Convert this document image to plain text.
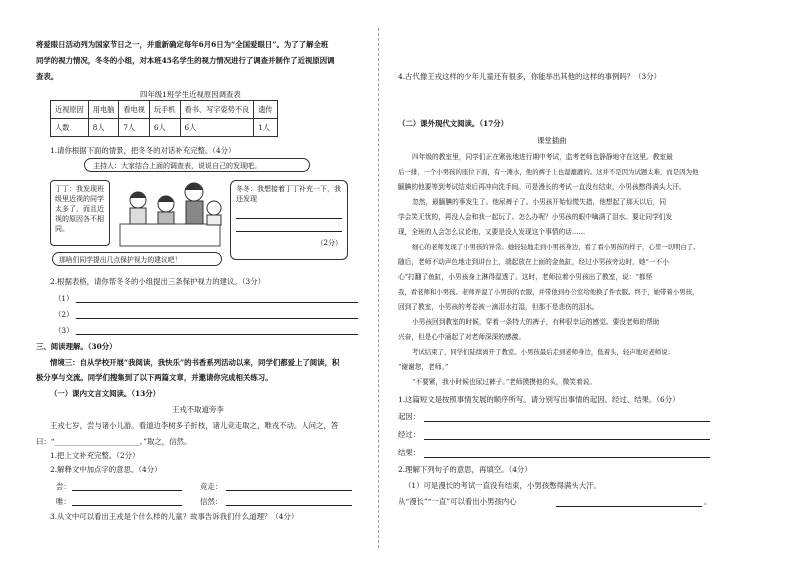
将爱眼日活动列为国家节日之一，并重新确定每年6月6日为“全国爱眼日”。为了了解全班
同学的视力情况，冬冬的小组，对本班45名学生的视力情况进行了调查并制作了近视原因调
查表。
四年级1班学生近视原因调查表
近视原因	用电脑	看电视	玩手机	看书、写字姿势不良	遗传
人数	8人	7人	6人	6人	1人
1.请你根据下面的情景，把冬冬的对话补充完整。（4分）
主持人：大家结合上面的调查表，说说自己的发现吧。
丁丁：我发现班级里近视的同学太多了，而且近视的原因各不相同。
冬冬：我想接着丁丁补充一下，我还发现
（2分）
那啥们同学提出几点保护视力的建议吧！
2.根据表格，请你帮冬冬的小组提出三条保护视力的建议。（3分）
（1）
（2）
（3）
三、阅读理解。（30分）
情境三：自从学校开展“我阅读，我快乐”的书香系列活动以来，同学们都爱上了阅读，积
极分享与交流。同学们搜集到了以下两篇文章，并邀请你完成相关练习。
（一）课内文言文阅读。（13分）
王戎不取道旁李
王戎七岁，尝与诸小儿游。看道边李树多子折枝，诸儿竞走取之，唯戎不动。人问之，答
曰：“_______________________。”取之，信然。
1.把上文补充完整。（2分）
2.解释文中加点字的意思。（4分）
尝：	竞走：
唯：	信然：
3.从文中可以看出王戎是个什么样的儿童？故事告诉我们什么道理？（4分）
4.古代像王戎这样的少年儿童还有很多，你能举出其他的这样的事例吗？（3分）
（二）课外现代文阅读。（17分）
课堂插曲
四年级的教室里，同学们正在紧张地进行期中考试，监考老师也静静地守在这里。教室最
后一排，一个小男孩的座位下面，有一滩水，他的裤子上也湿漉漉的。这并不是因为试题太难，而是因为他
腼腆的他要等到考试结束后再冲向洗手间。可是漫长的考试一直没有结束，小男孩憋得满头大汗。
忽然，最腼腆的事发生了。他尿裤子了。小男孩开始惊慌失措，他想起了那天以后，同
学会笑无忧的，再没人会和我一起玩了。怎么办呢？小男孩的眼中噙满了泪水。要让同学们发
现，全班的人会怎么议论他，又要是没人发现这个事情的话……
细心的老师发现了小男孩的异常。她轻轻地走到小男孩身边，看了看小男孩的样子，心里一切明白了。
随后，老师不动声色地走到讲台上，端起放在上面的金鱼缸，经过小男孩旁边时，她“一不小
心”打翻了鱼缸，小男孩身上淋得湿透了。这时，老师拉着小男孩出了教室，说：“都怪
我，看老师和小男孩。老师弄湿了小男孩的衣服，并带他到办公室给他换了件衣服。终于，她带着小男孩，
回到了教室，小男孩的考卷被一滴泪水打湿，但那不是悲伤的泪水。
小男孩回到教室的时候，穿着一条特大的裤子，有种很幸运的感觉。要没老师的帮助
兴奋，但是心中涌起了对老师深深的感激。
考试结束了，同学们陆续离开了教室。小男孩最后走到老师身边，低着头，轻声地对老师说：
“谢谢您，老师。”
“不要紧，我小时候也尿过裤子。”老师摸摸他的头，微笑着说。
1.这篇短文是按照事情发展的顺序所写。请分别写出事情的起因、经过、结果。（6分）
起因：
经过：
结果：
2.理解下列句子的意思，再填空。（4分）
（1）可是漫长的考试一直没有结束，小男孩憋得满头大汗。
从“漫长”“一直”可以看出小男孩内心	。
